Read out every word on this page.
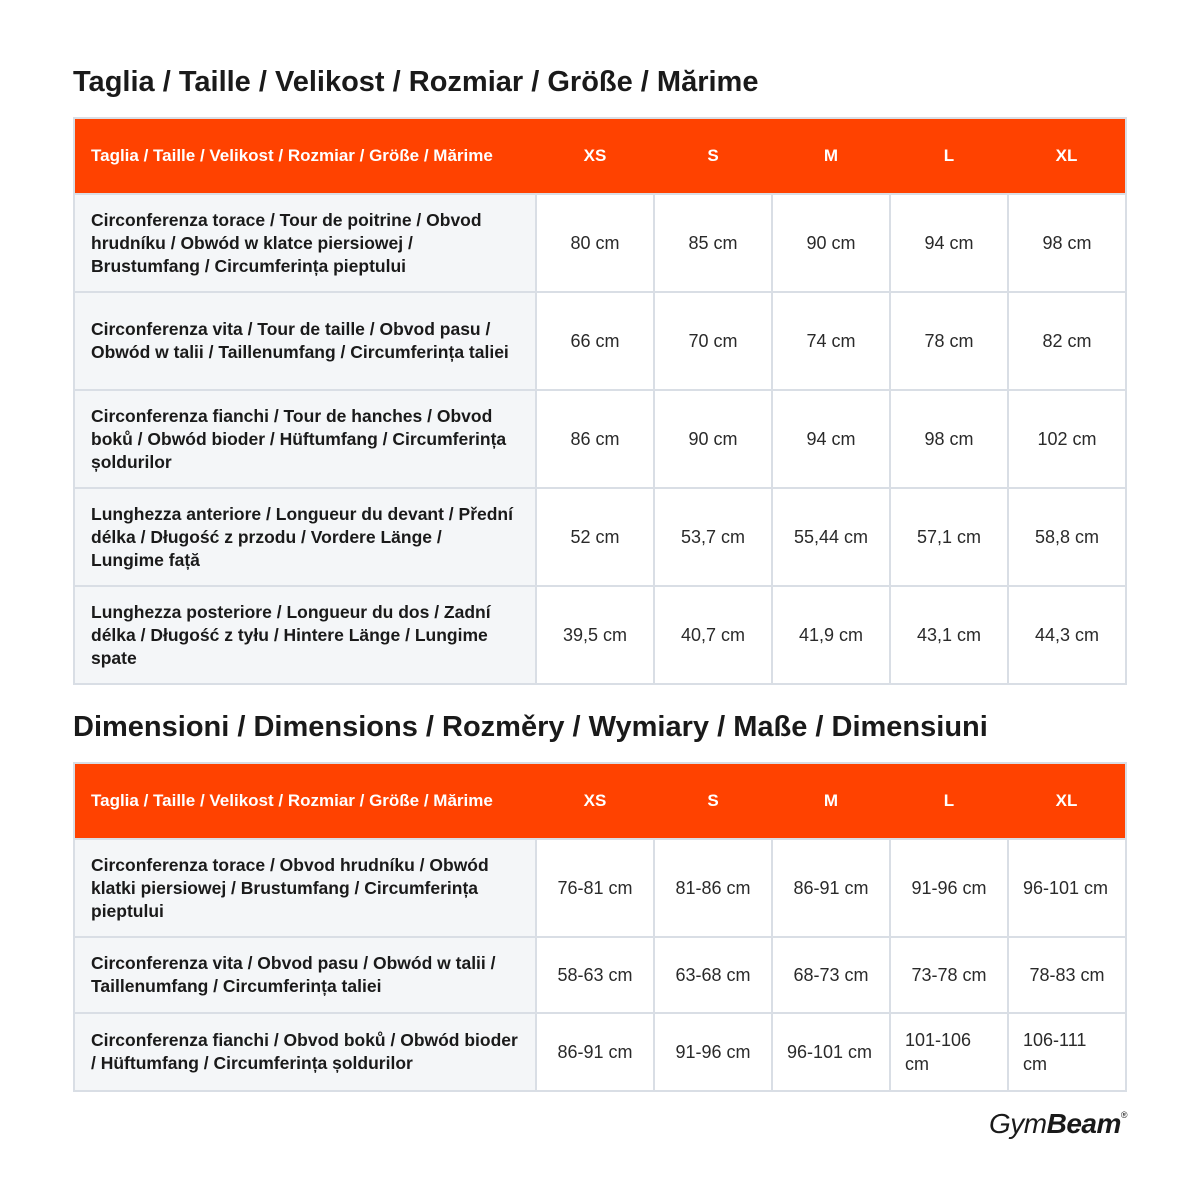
Taglia / Taille / Velikost / Rozmiar / Größe / Mărime
Taglia / Taille / Velikost / Rozmiar / Größe / Mărime	XS	S	M	L	XL
Circonferenza torace / Tour de poitrine / Obvod hrudníku / Obwód w klatce piersiowej / Brustumfang / Circumferința pieptului	80 cm	85 cm	90 cm	94 cm	98 cm
Circonferenza vita / Tour de taille / Obvod pasu / Obwód w talii / Taillenumfang / Circumferința taliei	66 cm	70 cm	74 cm	78 cm	82 cm
Circonferenza fianchi / Tour de hanches / Obvod boků / Obwód bioder / Hüftumfang / Circumferința șoldurilor	86 cm	90 cm	94 cm	98 cm	102 cm
Lunghezza anteriore / Longueur du devant / Přední délka / Długość z przodu / Vordere Länge / Lungime față	52 cm	53,7 cm	55,44 cm	57,1 cm	58,8 cm
Lunghezza posteriore / Longueur du dos / Zadní délka / Długość z tyłu / Hintere Länge / Lungime spate	39,5 cm	40,7 cm	41,9 cm	43,1 cm	44,3 cm
Dimensioni / Dimensions / Rozměry / Wymiary / Maße / Dimensiuni
Taglia / Taille / Velikost / Rozmiar / Größe / Mărime	XS	S	M	L	XL
Circonferenza torace / Obvod hrudníku / Obwód klatki piersiowej / Brustumfang / Circumferința pieptului	76-81 cm	81-86 cm	86-91 cm	91-96 cm	96-101 cm
Circonferenza vita / Obvod pasu / Obwód w talii / Taillenumfang / Circumferința taliei	58-63 cm	63-68 cm	68-73 cm	73-78 cm	78-83 cm
Circonferenza fianchi / Obvod boků / Obwód bioder / Hüftumfang / Circumferința șoldurilor	86-91 cm	91-96 cm	96-101 cm	101-106 cm	106-111 cm
GymBeam®
